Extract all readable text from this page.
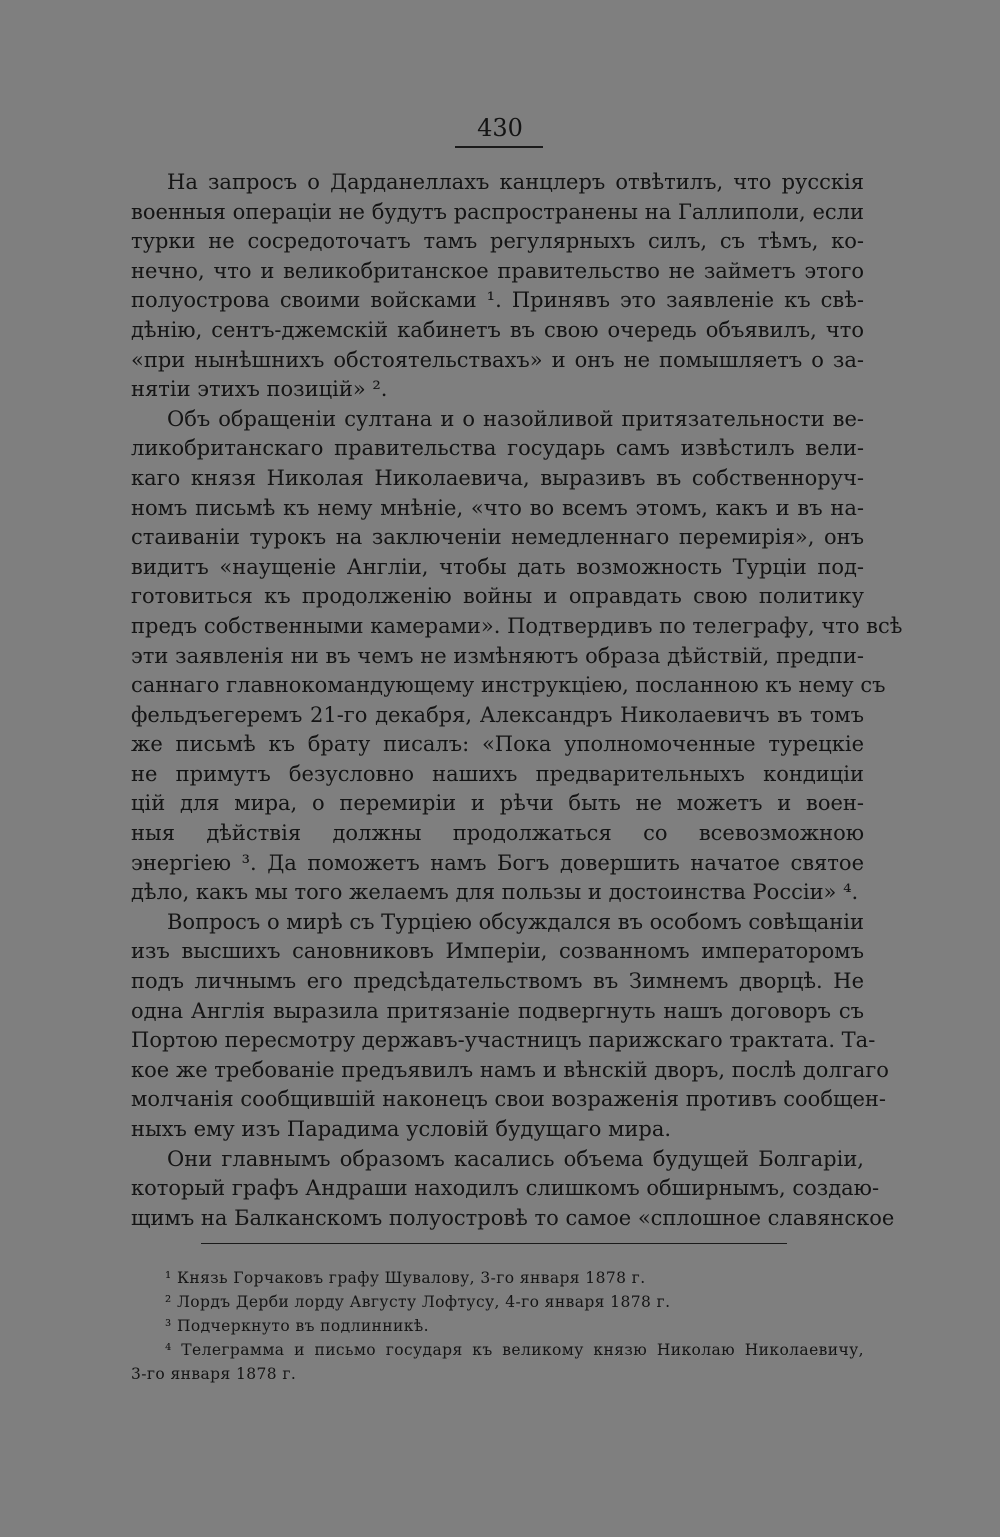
430
На запросъ о Дарданеллахъ канцлеръ отвѣтилъ, что русскія
военныя операціи не будутъ распространены на Галлиполи, если
турки не сосредоточатъ тамъ регулярныхъ силъ, съ тѣмъ, ко-
нечно, что и великобританское правительство не займетъ этого
полуострова своими войсками ¹. Принявъ это заявленіе къ свѣ-
дѣнію, сентъ-джемскій кабинетъ въ свою очередь объявилъ, что
«при нынѣшнихъ обстоятельствахъ» и онъ не помышляетъ о за-
нятіи этихъ позицій» ².
Объ обращеніи султана и о назойливой притязательности ве-
ликобританскаго правительства государь самъ извѣстилъ вели-
каго князя Николая Николаевича, выразивъ въ собственноруч-
номъ письмѣ къ нему мнѣніе, «что во всемъ этомъ, какъ и въ на-
стаиваніи турокъ на заключеніи немедленнаго перемирія», онъ
видитъ «наущеніе Англіи, чтобы дать возможность Турціи под-
готовиться къ продолженію войны и оправдать свою политику
предъ собственными камерами». Подтвердивъ по телеграфу, что всѣ
эти заявленія ни въ чемъ не измѣняютъ образа дѣйствій, предпи-
саннаго главнокомандующему инструкціею, посланною къ нему съ
фельдъегеремъ 21-го декабря, Александръ Николаевичъ въ томъ
же письмѣ къ брату писалъ: «Пока уполномоченные турецкіе
не примутъ безусловно нашихъ предварительныхъ кондиціи
цій для мира, о перемиріи и рѣчи быть не можетъ и воен-
ныя дѣйствія должны продолжаться со всевозможною
энергіею ³. Да поможетъ намъ Богъ довершить начатое святое
дѣло, какъ мы того желаемъ для пользы и достоинства Россіи» ⁴.
Вопросъ о мирѣ съ Турціею обсуждался въ особомъ совѣщаніи
изъ высшихъ сановниковъ Имперіи, созванномъ императоромъ
подъ личнымъ его предсѣдательствомъ въ Зимнемъ дворцѣ. Не
одна Англія выразила притязаніе подвергнуть нашъ договоръ съ
Портою пересмотру державъ-участницъ парижскаго трактата. Та-
кое же требованіе предъявилъ намъ и вѣнскій дворъ, послѣ долгаго
молчанія сообщившій наконецъ свои возраженія противъ сообщен-
ныхъ ему изъ Парадима условій будущаго мира.
Они главнымъ образомъ касались объема будущей Болгаріи,
который графъ Андраши находилъ слишкомъ обширнымъ, создаю-
щимъ на Балканскомъ полуостровѣ то самое «сплошное славянское
¹ Князь Горчаковъ графу Шувалову, 3-го января 1878 г.
² Лордъ Дерби лорду Августу Лофтусу, 4-го января 1878 г.
³ Подчеркнуто въ подлинникѣ.
⁴ Телеграмма и письмо государя къ великому князю Николаю Николаевичу,
3-го января 1878 г.
